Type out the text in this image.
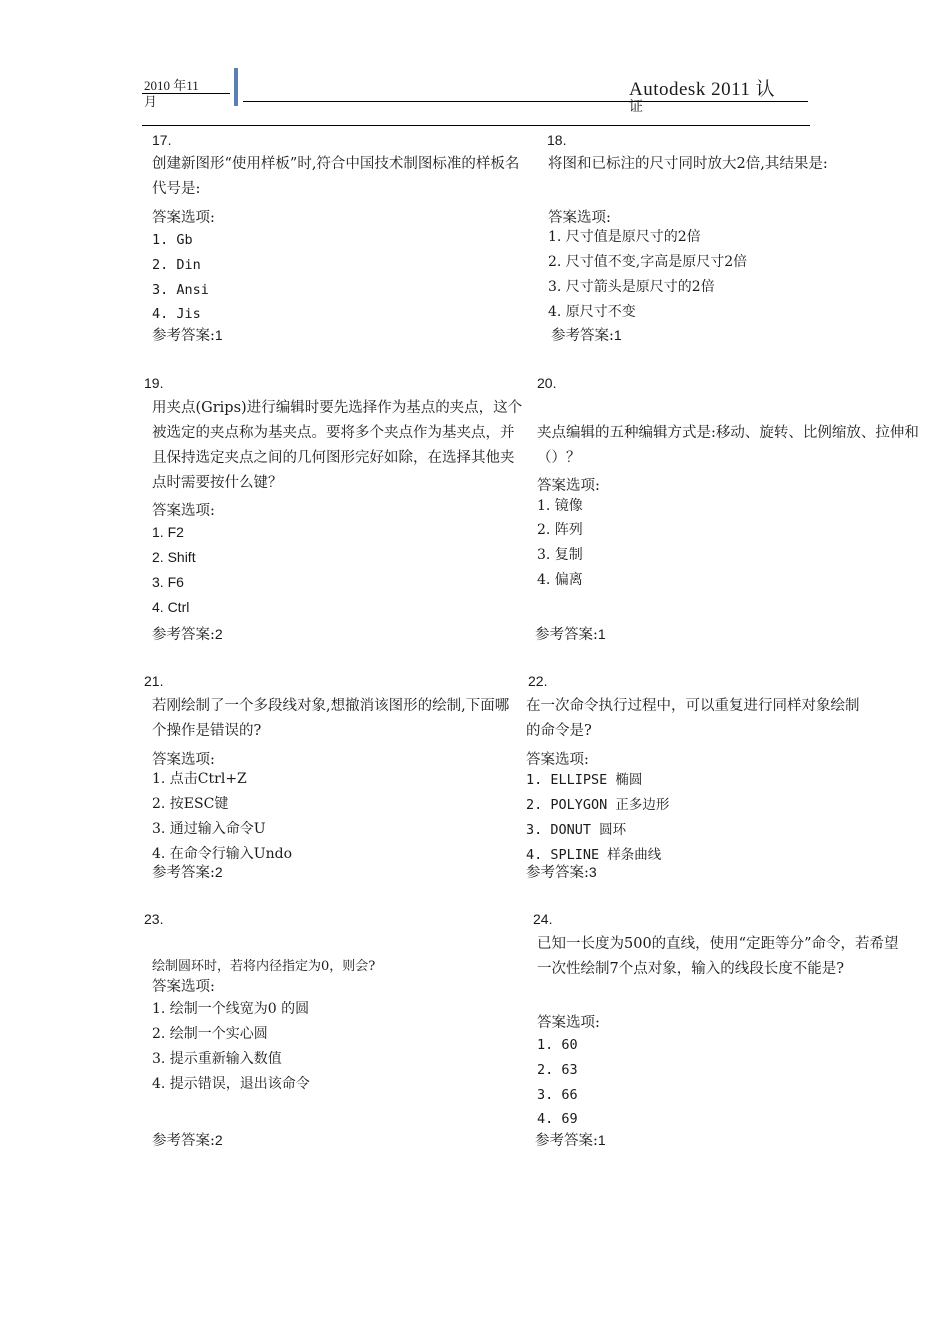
2010 年11
月
Autodesk 2011 认
证
17.
创建新图形“使用样板”时,符合中国技术制图标准的样板名代号是:
答案选项:
1. Gb
2. Din
3. Ansi
4. Jis
参考答案:1
18.
将图和已标注的尺寸同时放大2倍,其结果是:
答案选项:
1. 尺寸值是原尺寸的2倍
2. 尺寸值不变,字高是原尺寸2倍
3. 尺寸箭头是原尺寸的2倍
4. 原尺寸不变
参考答案:1
19.
用夹点(Grips)进行编辑时要先选择作为基点的夹点，这个被选定的夹点称为基夹点。要将多个夹点作为基夹点，并且保持选定夹点之间的几何图形完好如除，在选择其他夹点时需要按什么键？
答案选项:
1. F2
2. Shift
3. F6
4. Ctrl
参考答案:2
20.
夹点编辑的五种编辑方式是:移动、旋转、比例缩放、拉伸和（）？
答案选项:
1. 镜像
2. 阵列
3. 复制
4. 偏离
参考答案:1
21.
若刚绘制了一个多段线对象,想撤消该图形的绘制,下面哪个操作是错误的?
答案选项:
1. 点击Ctrl+Z
2. 按ESC键
3. 通过输入命令U
4. 在命令行输入Undo
参考答案:2
22.
在一次命令执行过程中，可以重复进行同样对象绘制的命令是?
答案选项:
1. ELLIPSE 椭圆
2. POLYGON 正多边形
3. DONUT 圆环
4. SPLINE 样条曲线
参考答案:3
23.
绘制圆环时，若将内径指定为0，则会?
答案选项:
1. 绘制一个线宽为0 的圆
2. 绘制一个实心圆
3. 提示重新输入数值
4. 提示错误，退出该命令
参考答案:2
24.
已知一长度为500的直线，使用“定距等分”命令，若希望一次性绘制7个点对象，输入的线段长度不能是?
答案选项:
1. 60
2. 63
3. 66
4. 69
参考答案:1
